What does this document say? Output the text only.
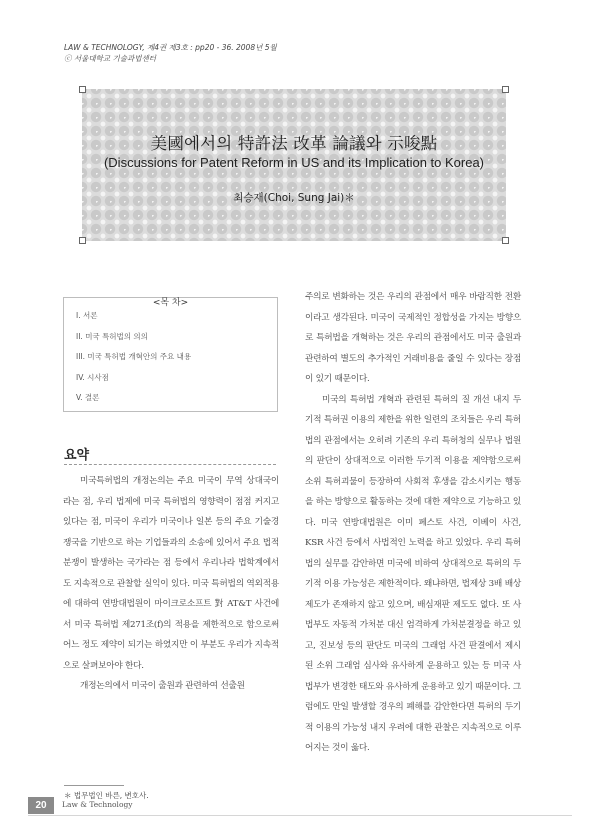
LAW & TECHNOLOGY, 제4권 제3호 : pp20 - 36. 2008년 5월
ⓒ 서울대학교 기술과법센터
美國에서의 特許法 改革 論議와 示唆點
(Discussions for Patent Reform in US and its Implication to Korea)
최승재(Choi, Sung Jai)＊
<목 차>
I. 서론
II. 미국 특허법의 의의
III. 미국 특허법 개혁안의 주요 내용
IV. 시사점
V. 결론
요약

미국특허법의 개정논의는 주요 미국이 무역 상대국이라는 점, 우리 법제에 미국 특허법의 영향력이 점점 커지고 있다는 점, 미국이 우리가 미국이나 일본 등의 주요 기술경쟁국을 기반으로 하는 기업들과의 소송에 있어서 주요 법적 분쟁이 발생하는 국가라는 점 등에서 우리나라 법학계에서도 지속적으로 관찰할 실익이 있다. 미국 특허법의 역외적용에 대하여 연방대법원이 마이크로소프트 對 AT&T 사건에서 미국 특허법 제271조(f)의 적용을 제한적으로 함으로써 어느 정도 제약이 되기는 하였지만 이 부분도 우리가 지속적으로 살펴보아야 한다.

개정논의에서 미국이 출원과 관련하여 선출원

주의로 변화하는 것은 우리의 관점에서 매우 바람직한 전환이라고 생각된다. 미국이 국제적인 정합성을 가지는 방향으로 특허법을 개혁하는 것은 우리의 관점에서도 미국 출원과 관련하여 별도의 추가적인 거래비용을 줄일 수 있다는 장점이 있기 때문이다.

미국의 특허법 개혁과 관련된 특허의 질 개선 내지 두기적 특허권 이용의 제한을 위한 일련의 조치들은 우리 특허법의 관점에서는 오히려 기존의 우리 특허청의 실무나 법원의 판단이 상대적으로 이러한 두기적 이용을 제약함으로써 소위 특허괴물이 등장하여 사회적 후생을 감소시키는 행동을 하는 방향으로 활동하는 것에 대한 제약으로 기능하고 있다. 미국 연방대법원은 이미 페스토 사건, 이베이 사건, KSR 사건 등에서 사법적인 노력을 하고 있었다. 우리 특허법의 실무를 감안하면 미국에 비하여 상대적으로 특허의 두기적 이용 가능성은 제한적이다. 왜냐하면, 법제상 3배 배상제도가 존재하지 않고 있으며, 배심재판 제도도 없다. 또 사법부도 자동적 가처분 대신 엄격하게 가처분결정을 하고 있고, 진보성 등의 판단도 미국의 그래엄 사건 판결에서 제시된 소위 그래엄 심사와 유사하게 운용하고 있는 등 미국 사법부가 변경한 태도와 유사하게 운용하고 있기 때문이다. 그럼에도 만일 발생할 경우의 폐해를 감안한다면 특허의 두기적 이용의 가능성 내지 우려에 대한 관찰은 지속적으로 이루어지는 것이 옳다.

＊ 법무법인 바른, 변호사.
20	Law & Technology
